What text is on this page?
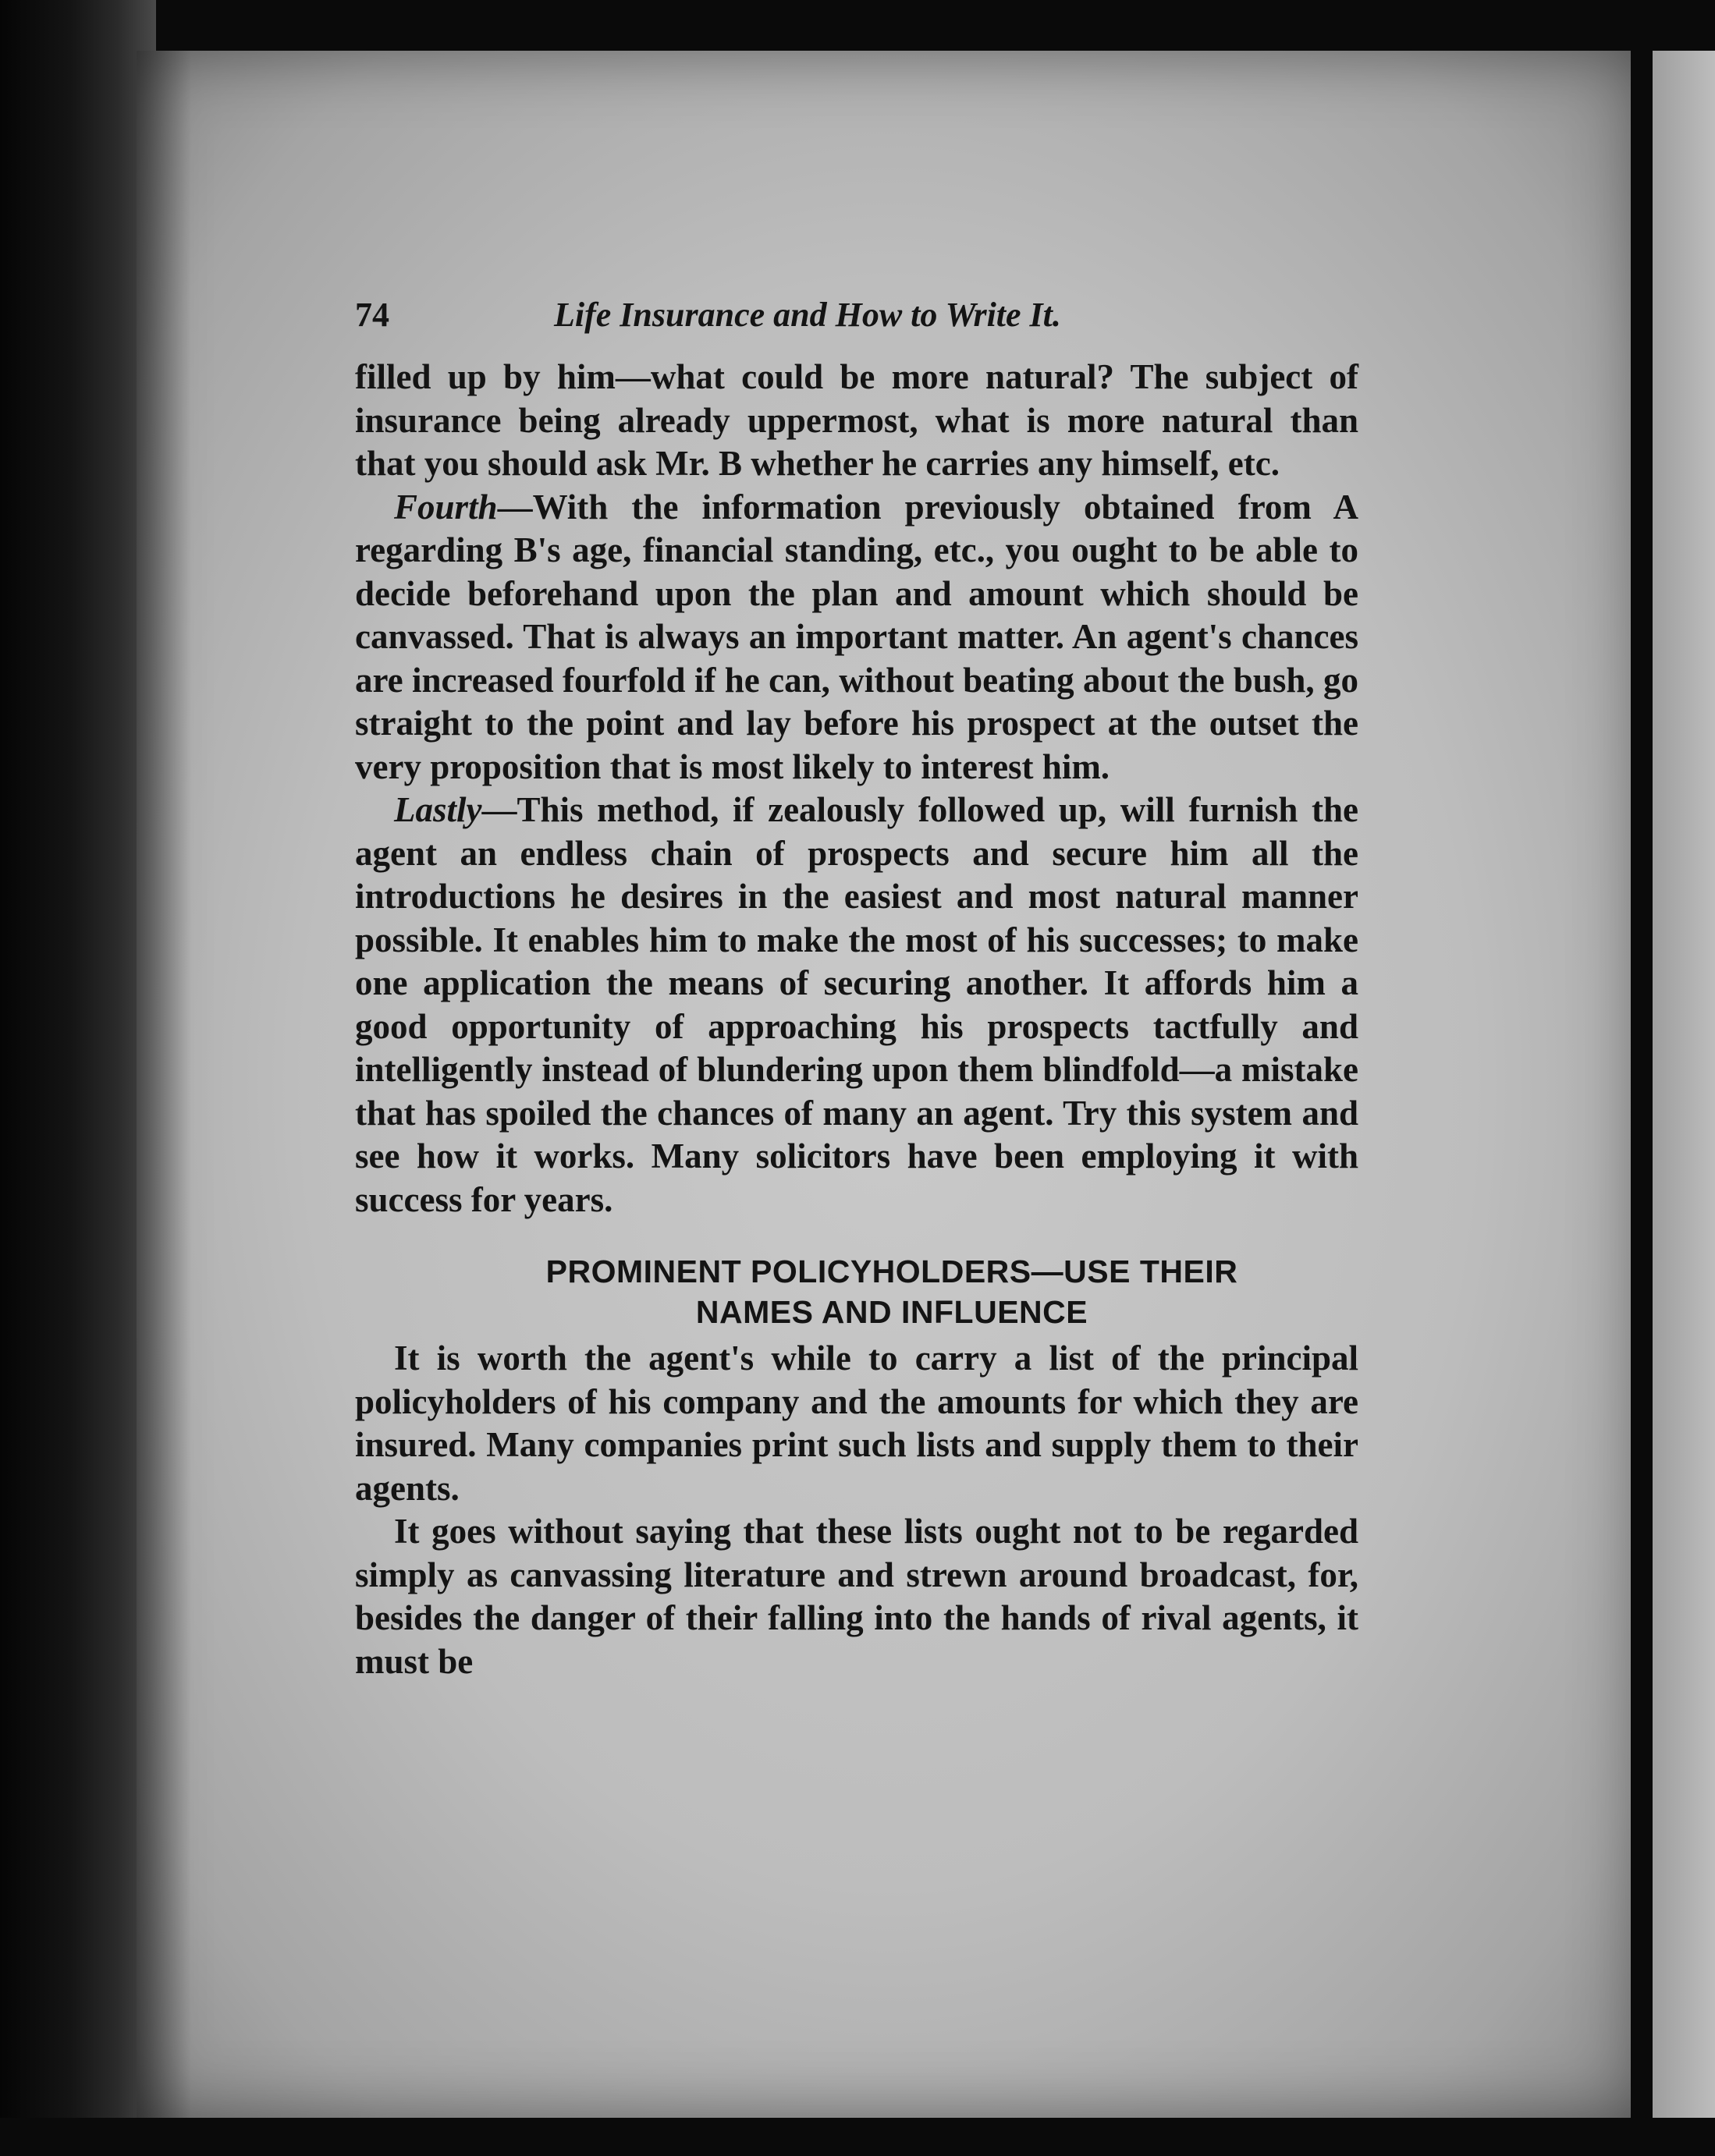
74	Life Insurance and How to Write It.

filled up by him—what could be more natural? The subject of insurance being already uppermost, what is more natural than that you should ask Mr. B whether he carries any himself, etc.

Fourth—With the information previously obtained from A regarding B's age, financial standing, etc., you ought to be able to decide beforehand upon the plan and amount which should be canvassed. That is always an important matter. An agent's chances are increased fourfold if he can, without beating about the bush, go straight to the point and lay before his prospect at the outset the very proposition that is most likely to interest him.

Lastly—This method, if zealously followed up, will furnish the agent an endless chain of prospects and secure him all the introductions he desires in the easiest and most natural manner possible. It enables him to make the most of his successes; to make one application the means of securing another. It affords him a good opportunity of approaching his prospects tactfully and intelligently instead of blundering upon them blindfold—a mistake that has spoiled the chances of many an agent. Try this system and see how it works. Many solicitors have been employing it with success for years.

PROMINENT POLICYHOLDERS—USE THEIR
NAMES AND INFLUENCE

It is worth the agent's while to carry a list of the principal policyholders of his company and the amounts for which they are insured. Many companies print such lists and supply them to their agents.

It goes without saying that these lists ought not to be regarded simply as canvassing literature and strewn around broadcast, for, besides the danger of their falling into the hands of rival agents, it must be
